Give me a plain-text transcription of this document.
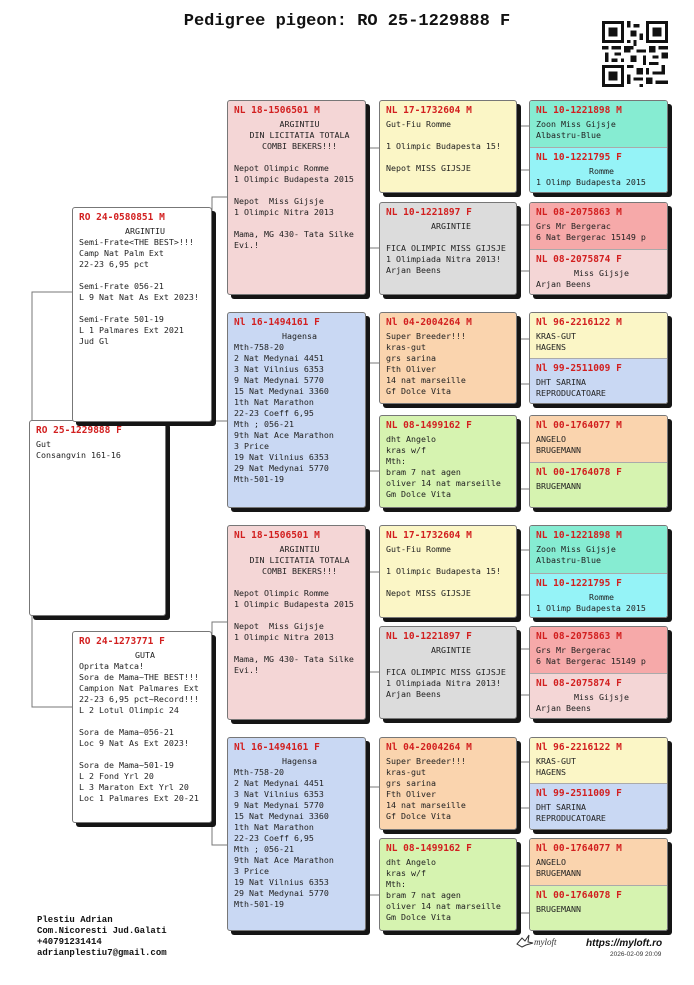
Pedigree pigeon: RO 25-1229888 F
RO 25-1229888 F
Gut
Consangvin 161-16
RO 24-0580851 M
ARGINTIU
Semi-Frate<THE BEST>!!!
Camp Nat Palm Ext
22-23 6,95 pct

Semi-Frate 056-21
L 9 Nat Nat As Ext 2023!

Semi-Frate 501-19
L 1 Palmares Ext 2021
Jud Gl
RO 24-1273771 F
GUTA
Oprita Matca!
Sora de Mama~THE BEST!!!
Campion Nat Palmares Ext
22-23 6,95 pct~Record!!!
L 2 Lotul Olimpic 24

Sora de Mama~056-21
Loc 9 Nat As Ext 2023!

Sora de Mama~501-19
L 2 Fond Yrl 20
L 3 Maraton Ext Yrl 20
Loc 1 Palmares Ext 20-21
NL 18-1506501 M
ARGINTIU
DIN LICITATIA TOTALA
COMBI BEKERS!!!

Nepot Olimpic Romme
1 Olimpic Budapesta 2015

Nepot  Miss Gijsje
1 Olimpic Nitra 2013

Mama, MG 430- Tata Silke
Evi.!
Nl 16-1494161 F
Hagensa
Mth-758-20
2 Nat Medynai 4451
3 Nat Vilnius 6353
9 Nat Medynai 5770
15 Nat Medynai 3360
1th Nat Marathon
22-23 Coeff 6,95
Mth ; 056-21
9th Nat Ace Marathon
3 Price
19 Nat Vilnius 6353
29 Nat Medynai 5770
Mth-501-19
NL 17-1732604 M
Gut-Fiu Romme

1 Olimpic Budapesta 15!

Nepot MISS GIJSJE
NL 10-1221897 F
ARGINTIE

FICA OLIMPIC MISS GIJSJE
1 Olimpiada Nitra 2013!
Arjan Beens
Nl 04-2004264 M
Super Breeder!!!
kras-gut
grs sarina
Fth Oliver
14 nat marseille
Gf Dolce Vita
NL 08-1499162 F
dht Angelo
kras w/f
Mth:
bram 7 nat agen
oliver 14 nat marseille
Gm Dolce Vita
NL 10-1221898 M
Zoon Miss Gijsje
Albastru-Blue
NL 10-1221795 F
Romme
1 Olimp Budapesta 2015
NL 08-2075863 M
Grs Mr Bergerac
6 Nat Bergerac 15149 p
NL 08-2075874 F
Miss Gijsje
Arjan Beens
Nl 96-2216122 M
KRAS-GUT
HAGENS
Nl 99-2511009 F
DHT SARINA
REPRODUCATOARE
Nl 00-1764077 M
ANGELO
BRUGEMANN
Nl 00-1764078 F
BRUGEMANN
NL 18-1506501 M
ARGINTIU
DIN LICITATIA TOTALA
COMBI BEKERS!!!

Nepot Olimpic Romme
1 Olimpic Budapesta 2015

Nepot  Miss Gijsje
1 Olimpic Nitra 2013

Mama, MG 430- Tata Silke
Evi.!
Nl 16-1494161 F
Hagensa
Mth-758-20
2 Nat Medynai 4451
3 Nat Vilnius 6353
9 Nat Medynai 5770
15 Nat Medynai 3360
1th Nat Marathon
22-23 Coeff 6,95
Mth ; 056-21
9th Nat Ace Marathon
3 Price
19 Nat Vilnius 6353
29 Nat Medynai 5770
Mth-501-19
NL 17-1732604 M
Gut-Fiu Romme

1 Olimpic Budapesta 15!

Nepot MISS GIJSJE
NL 10-1221897 F
ARGINTIE

FICA OLIMPIC MISS GIJSJE
1 Olimpiada Nitra 2013!
Arjan Beens
Nl 04-2004264 M
Super Breeder!!!
kras-gut
grs sarina
Fth Oliver
14 nat marseille
Gf Dolce Vita
NL 08-1499162 F
dht Angelo
kras w/f
Mth:
bram 7 nat agen
oliver 14 nat marseille
Gm Dolce Vita
NL 10-1221898 M
Zoon Miss Gijsje
Albastru-Blue
NL 10-1221795 F
Romme
1 Olimp Budapesta 2015
NL 08-2075863 M
Grs Mr Bergerac
6 Nat Bergerac 15149 p
NL 08-2075874 F
Miss Gijsje
Arjan Beens
Nl 96-2216122 M
KRAS-GUT
HAGENS
Nl 99-2511009 F
DHT SARINA
REPRODUCATOARE
Nl 00-1764077 M
ANGELO
BRUGEMANN
Nl 00-1764078 F
BRUGEMANN
Plestiu Adrian
Com.Nicoresti Jud.Galati
+40791231414
adrianplestiu7@gmail.com
myloft	https://myloft.ro
2026-02-09 20:09
